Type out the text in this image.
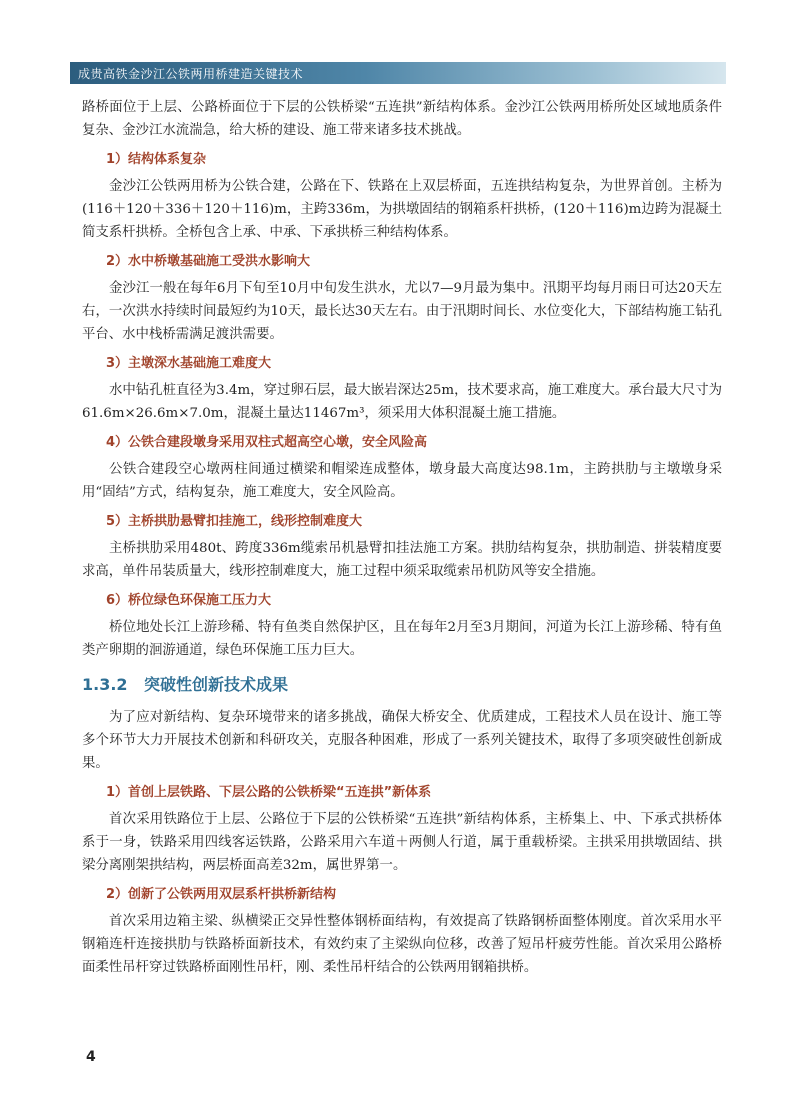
成贵高铁金沙江公铁两用桥建造关键技术

路桥面位于上层、公路桥面位于下层的公铁桥梁“五连拱”新结构体系。金沙江公铁两用桥所处区域地质条件复杂、金沙江水流湍急，给大桥的建设、施工带来诸多技术挑战。

1）结构体系复杂

金沙江公铁两用桥为公铁合建，公路在下、铁路在上双层桥面，五连拱结构复杂，为世界首创。主桥为(116＋120＋336＋120＋116)m，主跨336m，为拱墩固结的钢箱系杆拱桥，(120＋116)m边跨为混凝土简支系杆拱桥。全桥包含上承、中承、下承拱桥三种结构体系。

2）水中桥墩基础施工受洪水影响大

金沙江一般在每年6月下旬至10月中旬发生洪水，尤以7—9月最为集中。汛期平均每月雨日可达20天左右，一次洪水持续时间最短约为10天，最长达30天左右。由于汛期时间长、水位变化大，下部结构施工钻孔平台、水中栈桥需满足渡洪需要。

3）主墩深水基础施工难度大

水中钻孔桩直径为3.4m，穿过卵石层，最大嵌岩深达25m，技术要求高，施工难度大。承台最大尺寸为61.6m×26.6m×7.0m，混凝土量达11467m³，须采用大体积混凝土施工措施。

4）公铁合建段墩身采用双柱式超高空心墩，安全风险高

公铁合建段空心墩两柱间通过横梁和帽梁连成整体，墩身最大高度达98.1m，主跨拱肋与主墩墩身采用“固结”方式，结构复杂，施工难度大，安全风险高。

5）主桥拱肋悬臂扣挂施工，线形控制难度大

主桥拱肋采用480t、跨度336m缆索吊机悬臂扣挂法施工方案。拱肋结构复杂，拱肋制造、拼装精度要求高，单件吊装质量大，线形控制难度大，施工过程中须采取缆索吊机防风等安全措施。

6）桥位绿色环保施工压力大

桥位地处长江上游珍稀、特有鱼类自然保护区，且在每年2月至3月期间，河道为长江上游珍稀、特有鱼类产卵期的洄游通道，绿色环保施工压力巨大。

1.3.2 突破性创新技术成果

为了应对新结构、复杂环境带来的诸多挑战，确保大桥安全、优质建成，工程技术人员在设计、施工等多个环节大力开展技术创新和科研攻关，克服各种困难，形成了一系列关键技术，取得了多项突破性创新成果。

1）首创上层铁路、下层公路的公铁桥梁“五连拱”新体系

首次采用铁路位于上层、公路位于下层的公铁桥梁“五连拱”新结构体系，主桥集上、中、下承式拱桥体系于一身，铁路采用四线客运铁路，公路采用六车道＋两侧人行道，属于重载桥梁。主拱采用拱墩固结、拱梁分离刚架拱结构，两层桥面高差32m，属世界第一。

2）创新了公铁两用双层系杆拱桥新结构

首次采用边箱主梁、纵横梁正交异性整体钢桥面结构，有效提高了铁路钢桥面整体刚度。首次采用水平钢箱连杆连接拱肋与铁路桥面新技术，有效约束了主梁纵向位移，改善了短吊杆疲劳性能。首次采用公路桥面柔性吊杆穿过铁路桥面刚性吊杆，刚、柔性吊杆结合的公铁两用钢箱拱桥。

4
